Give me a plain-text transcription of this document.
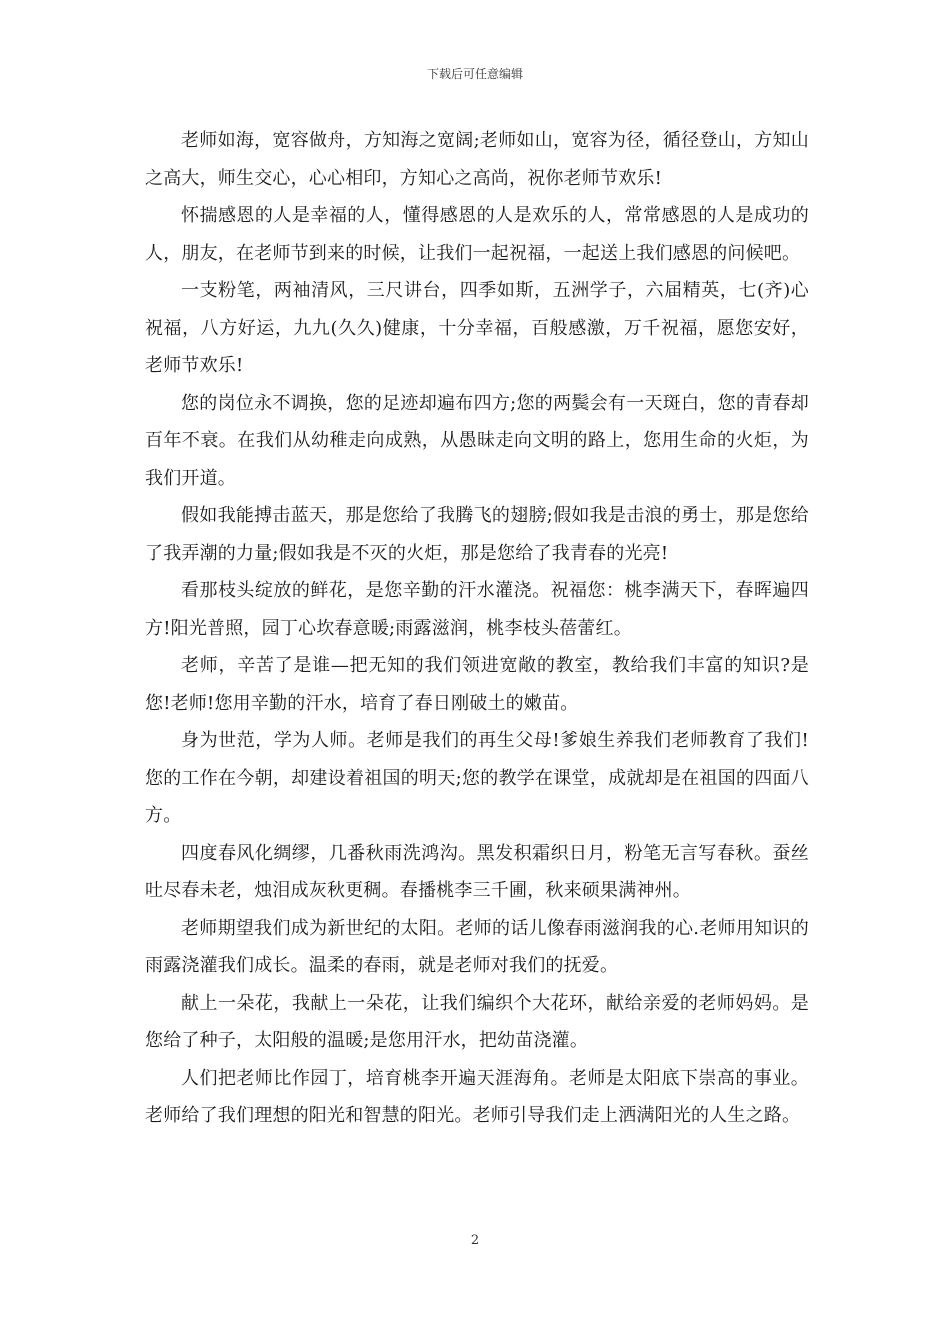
下载后可任意编辑

老师如海，宽容做舟，方知海之宽阔;老师如山，宽容为径，循径登山，方知山之高大，师生交心，心心相印，方知心之高尚，祝你老师节欢乐!

怀揣感恩的人是幸福的人，懂得感恩的人是欢乐的人，常常感恩的人是成功的人，朋友，在老师节到来的时候，让我们一起祝福，一起送上我们感恩的问候吧。

一支粉笔，两袖清风，三尺讲台，四季如斯，五洲学子，六届精英，七(齐)心祝福，八方好运，九九(久久)健康，十分幸福，百般感激，万千祝福，愿您安好，老师节欢乐!

您的岗位永不调换，您的足迹却遍布四方;您的两鬓会有一天斑白，您的青春却百年不衰。在我们从幼稚走向成熟，从愚昧走向文明的路上，您用生命的火炬，为我们开道。

假如我能搏击蓝天，那是您给了我腾飞的翅膀;假如我是击浪的勇士，那是您给了我弄潮的力量;假如我是不灭的火炬，那是您给了我青春的光亮!

看那枝头绽放的鲜花，是您辛勤的汗水灌浇。祝福您：桃李满天下，春晖遍四方!阳光普照，园丁心坎春意暖;雨露滋润，桃李枝头蓓蕾红。

老师，辛苦了是谁—把无知的我们领进宽敞的教室，教给我们丰富的知识?是您!老师!您用辛勤的汗水，培育了春日刚破土的嫩苗。

身为世范，学为人师。老师是我们的再生父母!爹娘生养我们老师教育了我们!您的工作在今朝，却建设着祖国的明天;您的教学在课堂，成就却是在祖国的四面八方。

四度春风化绸缪，几番秋雨洗鸿沟。黑发积霜织日月，粉笔无言写春秋。蚕丝吐尽春未老，烛泪成灰秋更稠。春播桃李三千圃，秋来硕果满神州。

老师期望我们成为新世纪的太阳。老师的话儿像春雨滋润我的心.老师用知识的雨露浇灌我们成长。温柔的春雨，就是老师对我们的抚爱。

献上一朵花，我献上一朵花，让我们编织个大花环，献给亲爱的老师妈妈。是您给了种子，太阳般的温暖;是您用汗水，把幼苗浇灌。

人们把老师比作园丁，培育桃李开遍天涯海角。老师是太阳底下崇高的事业。老师给了我们理想的阳光和智慧的阳光。老师引导我们走上洒满阳光的人生之路。

2
